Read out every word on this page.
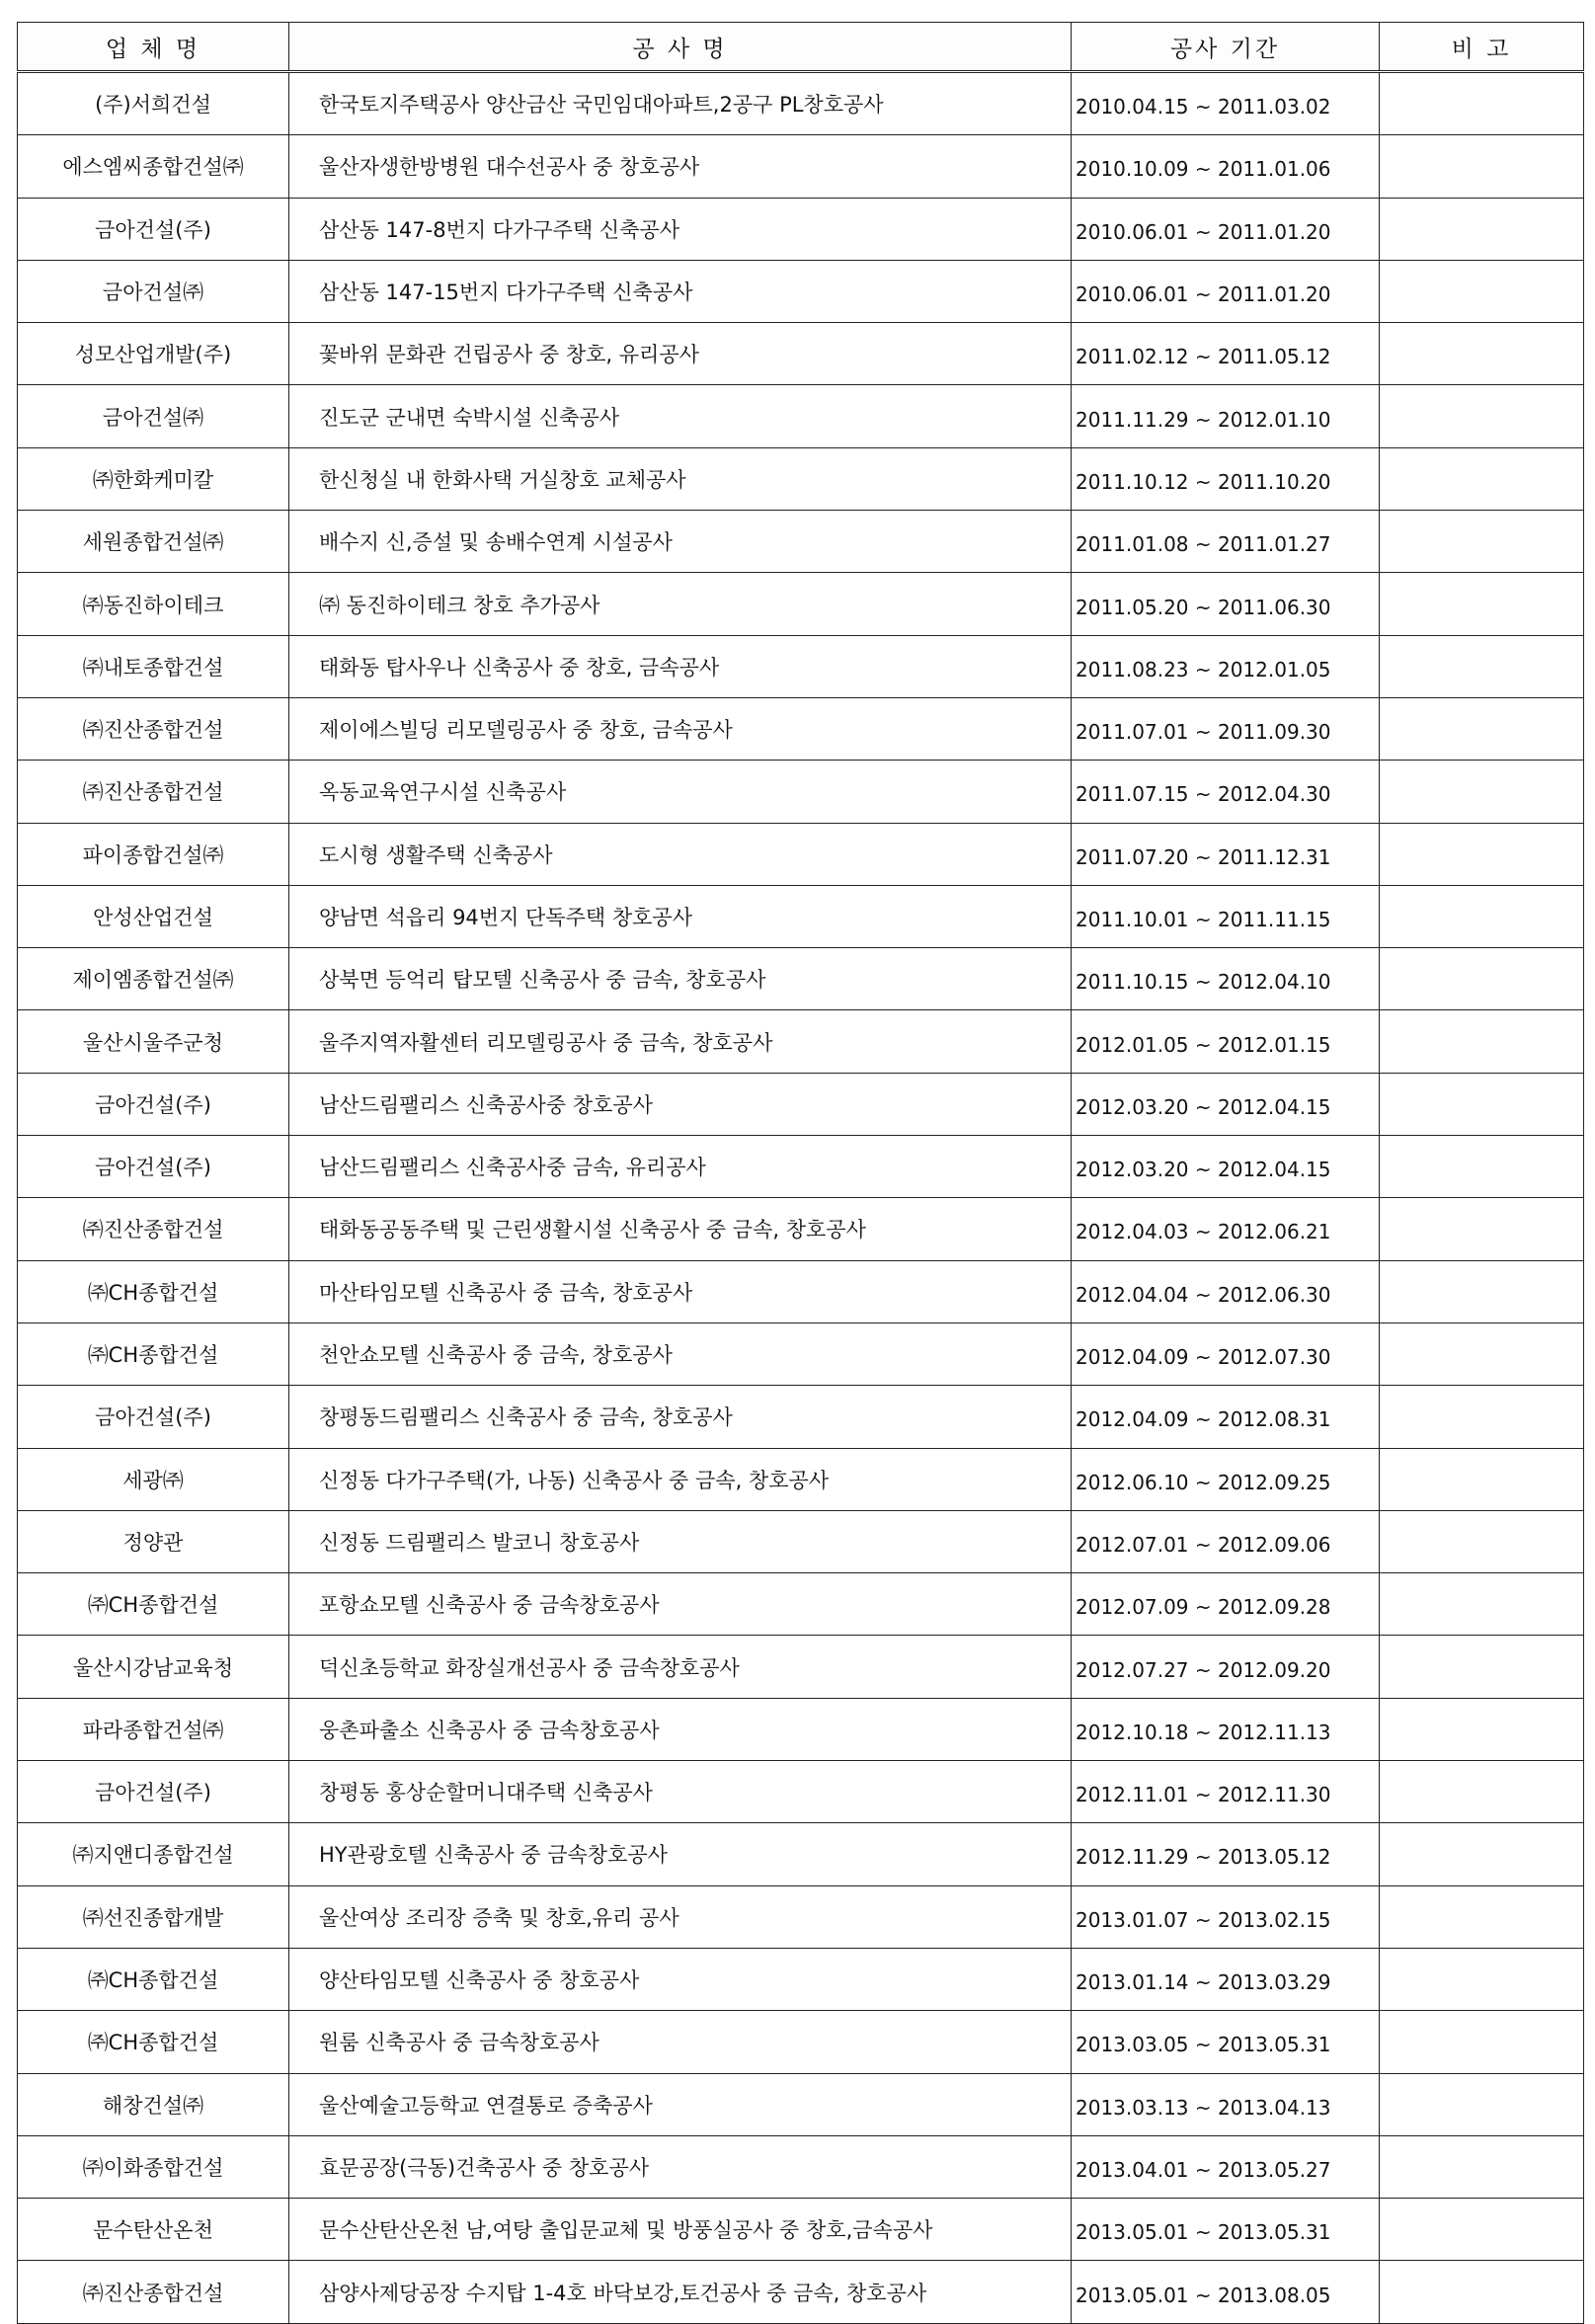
업 체 명	공 사 명	공사 기간	비 고
(주)서희건설	한국토지주택공사 양산금산 국민임대아파트,2공구 PL창호공사	2010.04.15 ~ 2011.03.02	
에스엠씨종합건설㈜	울산자생한방병원 대수선공사 중 창호공사	2010.10.09 ~ 2011.01.06	
금아건설(주)	삼산동 147-8번지 다가구주택 신축공사	2010.06.01 ~ 2011.01.20	
금아건설㈜	삼산동 147-15번지 다가구주택 신축공사	2010.06.01 ~ 2011.01.20	
성모산업개발(주)	꽃바위 문화관 건립공사 중 창호, 유리공사	2011.02.12 ~ 2011.05.12	
금아건설㈜	진도군 군내면 숙박시설 신축공사	2011.11.29 ~ 2012.01.10	
㈜한화케미칼	한신청실 내 한화사택 거실창호 교체공사	2011.10.12 ~ 2011.10.20	
세원종합건설㈜	배수지 신,증설 및 송배수연계 시설공사	2011.01.08 ~ 2011.01.27	
㈜동진하이테크	㈜ 동진하이테크 창호 추가공사	2011.05.20 ~ 2011.06.30	
㈜내토종합건설	태화동 탑사우나 신축공사 중 창호, 금속공사	2011.08.23 ~ 2012.01.05	
㈜진산종합건설	제이에스빌딩 리모델링공사 중 창호, 금속공사	2011.07.01 ~ 2011.09.30	
㈜진산종합건설	옥동교육연구시설 신축공사	2011.07.15 ~ 2012.04.30	
파이종합건설㈜	도시형 생활주택 신축공사	2011.07.20 ~ 2011.12.31	
안성산업건설	양남면 석읍리 94번지 단독주택 창호공사	2011.10.01 ~ 2011.11.15	
제이엠종합건설㈜	상북면 등억리 탑모텔 신축공사 중 금속, 창호공사	2011.10.15 ~ 2012.04.10	
울산시울주군청	울주지역자활센터 리모델링공사 중 금속, 창호공사	2012.01.05 ~ 2012.01.15	
금아건설(주)	남산드림팰리스 신축공사중 창호공사	2012.03.20 ~ 2012.04.15	
금아건설(주)	남산드림팰리스 신축공사중 금속, 유리공사	2012.03.20 ~ 2012.04.15	
㈜진산종합건설	태화동공동주택 및 근린생활시설 신축공사 중 금속, 창호공사	2012.04.03 ~ 2012.06.21	
㈜CH종합건설	마산타임모텔 신축공사 중 금속, 창호공사	2012.04.04 ~ 2012.06.30	
㈜CH종합건설	천안쇼모텔 신축공사 중 금속, 창호공사	2012.04.09 ~ 2012.07.30	
금아건설(주)	창평동드림팰리스 신축공사 중 금속, 창호공사	2012.04.09 ~ 2012.08.31	
세광㈜	신정동 다가구주택(가, 나동) 신축공사 중 금속, 창호공사	2012.06.10 ~ 2012.09.25	
정양관	신정동 드림팰리스 발코니 창호공사	2012.07.01 ~ 2012.09.06	
㈜CH종합건설	포항쇼모텔 신축공사 중 금속창호공사	2012.07.09 ~ 2012.09.28	
울산시강남교육청	덕신초등학교 화장실개선공사 중 금속창호공사	2012.07.27 ~ 2012.09.20	
파라종합건설㈜	웅촌파출소 신축공사 중 금속창호공사	2012.10.18 ~ 2012.11.13	
금아건설(주)	창평동 홍상순할머니대주택 신축공사	2012.11.01 ~ 2012.11.30	
㈜지앤디종합건설	HY관광호텔 신축공사 중 금속창호공사	2012.11.29 ~ 2013.05.12	
㈜선진종합개발	울산여상 조리장 증축 및 창호,유리 공사	2013.01.07 ~ 2013.02.15	
㈜CH종합건설	양산타임모텔 신축공사 중 창호공사	2013.01.14 ~ 2013.03.29	
㈜CH종합건설	원룸 신축공사 중 금속창호공사	2013.03.05 ~ 2013.05.31	
해창건설㈜	울산예술고등학교 연결통로 증축공사	2013.03.13 ~ 2013.04.13	
㈜이화종합건설	효문공장(극동)건축공사 중 창호공사	2013.04.01 ~ 2013.05.27	
문수탄산온천	문수산탄산온천 남,여탕 출입문교체 및 방풍실공사 중 창호,금속공사	2013.05.01 ~ 2013.05.31	
㈜진산종합건설	삼양사제당공장 수지탑 1-4호 바닥보강,토건공사 중 금속, 창호공사	2013.05.01 ~ 2013.08.05	
